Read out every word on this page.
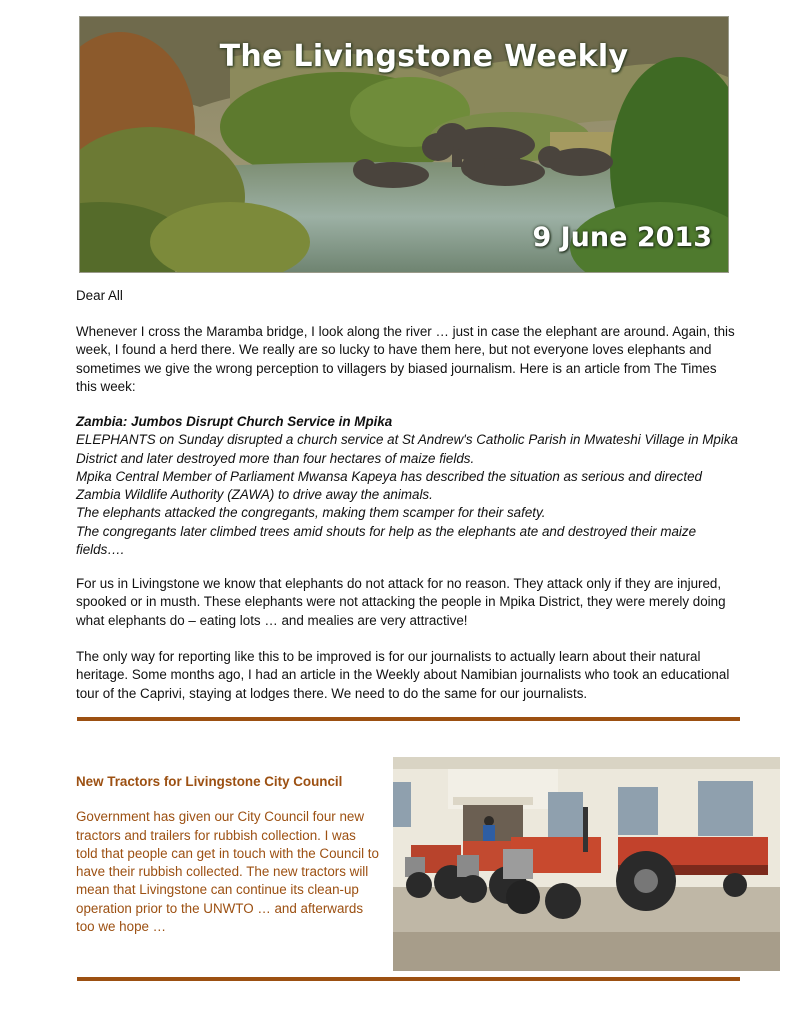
The Livingstone Weekly
9 June 2013
Dear All
Whenever I cross the Maramba bridge, I look along the river … just in case the elephant are around. Again, this week, I found a herd there. We really are so lucky to have them here, but not everyone loves elephants and sometimes we give the wrong perception to villagers by biased journalism. Here is an article from The Times this week:
Zambia: Jumbos Disrupt Church Service in Mpika
ELEPHANTS on Sunday disrupted a church service at St Andrew's Catholic Parish in Mwateshi Village in Mpika District and later destroyed more than four hectares of maize fields.
Mpika Central Member of Parliament Mwansa Kapeya has described the situation as serious and directed Zambia Wildlife Authority (ZAWA) to drive away the animals.
The elephants attacked the congregants, making them scamper for their safety.
The congregants later climbed trees amid shouts for help as the elephants ate and destroyed their maize fields….
For us in Livingstone we know that elephants do not attack for no reason. They attack only if they are injured, spooked or in musth. These elephants were not attacking the people in Mpika District, they were merely doing what elephants do – eating lots … and mealies are very attractive!
The only way for reporting like this to be improved is for our journalists to actually learn about their natural heritage. Some months ago, I had an article in the Weekly about Namibian journalists who took an educational tour of the Caprivi, staying at lodges there. We need to do the same for our journalists.
New Tractors for Livingstone City Council
Government has given our City Council four new tractors and trailers for rubbish collection. I was told that people can get in touch with the Council to have their rubbish collected. The new tractors will mean that Livingstone can continue its clean-up operation prior to the UNWTO … and afterwards too we hope …
